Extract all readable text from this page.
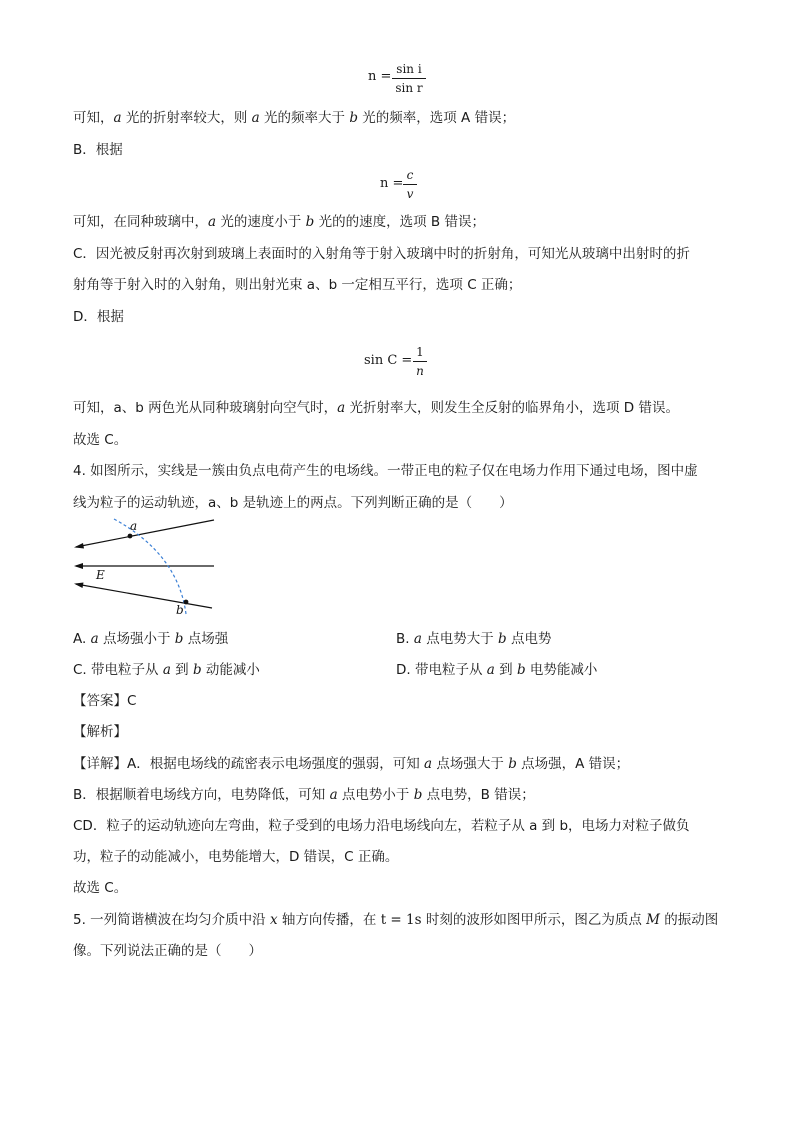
n = sin i
sin r
可知，a 光的折射率较大，则 a 光的频率大于 b 光的频率，选项 A 错误；
B．根据
n =
c
v
可知，在同种玻璃中，a 光的速度小于 b 光的的速度，选项 B 错误；
C．因光被反射再次射到玻璃上表面时的入射角等于射入玻璃中时的折射角，可知光从玻璃中出射时的折
射角等于射入时的入射角，则出射光束 a、b 一定相互平行，选项 C 正确；
D．根据
sin C =
1
n
可知，a、b 两色光从同种玻璃射向空气时，a 光折射率大，则发生全反射的临界角小，选项 D 错误。
故选 C。
4. 如图所示，实线是一簇由负点电荷产生的电场线。一带正电的粒子仅在电场力作用下通过电场，图中虚
线为粒子的运动轨迹，a、b 是轨迹上的两点。下列判断正确的是（　　）
a
b
E
A. a 点场强小于 b 点场强	B. a 点电势大于 b 点电势
C. 带电粒子从 a 到 b 动能减小	D. 带电粒子从 a 到 b 电势能减小
【答案】C
【解析】
【详解】A．根据电场线的疏密表示电场强度的强弱，可知 a 点场强大于 b 点场强，A 错误；
B．根据顺着电场线方向，电势降低，可知 a 点电势小于 b 点电势，B 错误；
CD．粒子的运动轨迹向左弯曲，粒子受到的电场力沿电场线向左，若粒子从 a 到 b，电场力对粒子做负
功，粒子的动能减小，电势能增大，D 错误，C 正确。
故选 C。
5. 一列简谐横波在均匀介质中沿 x 轴方向传播，在 t = 1s 时刻的波形如图甲所示，图乙为质点 M 的振动图
像。下列说法正确的是（　　）
